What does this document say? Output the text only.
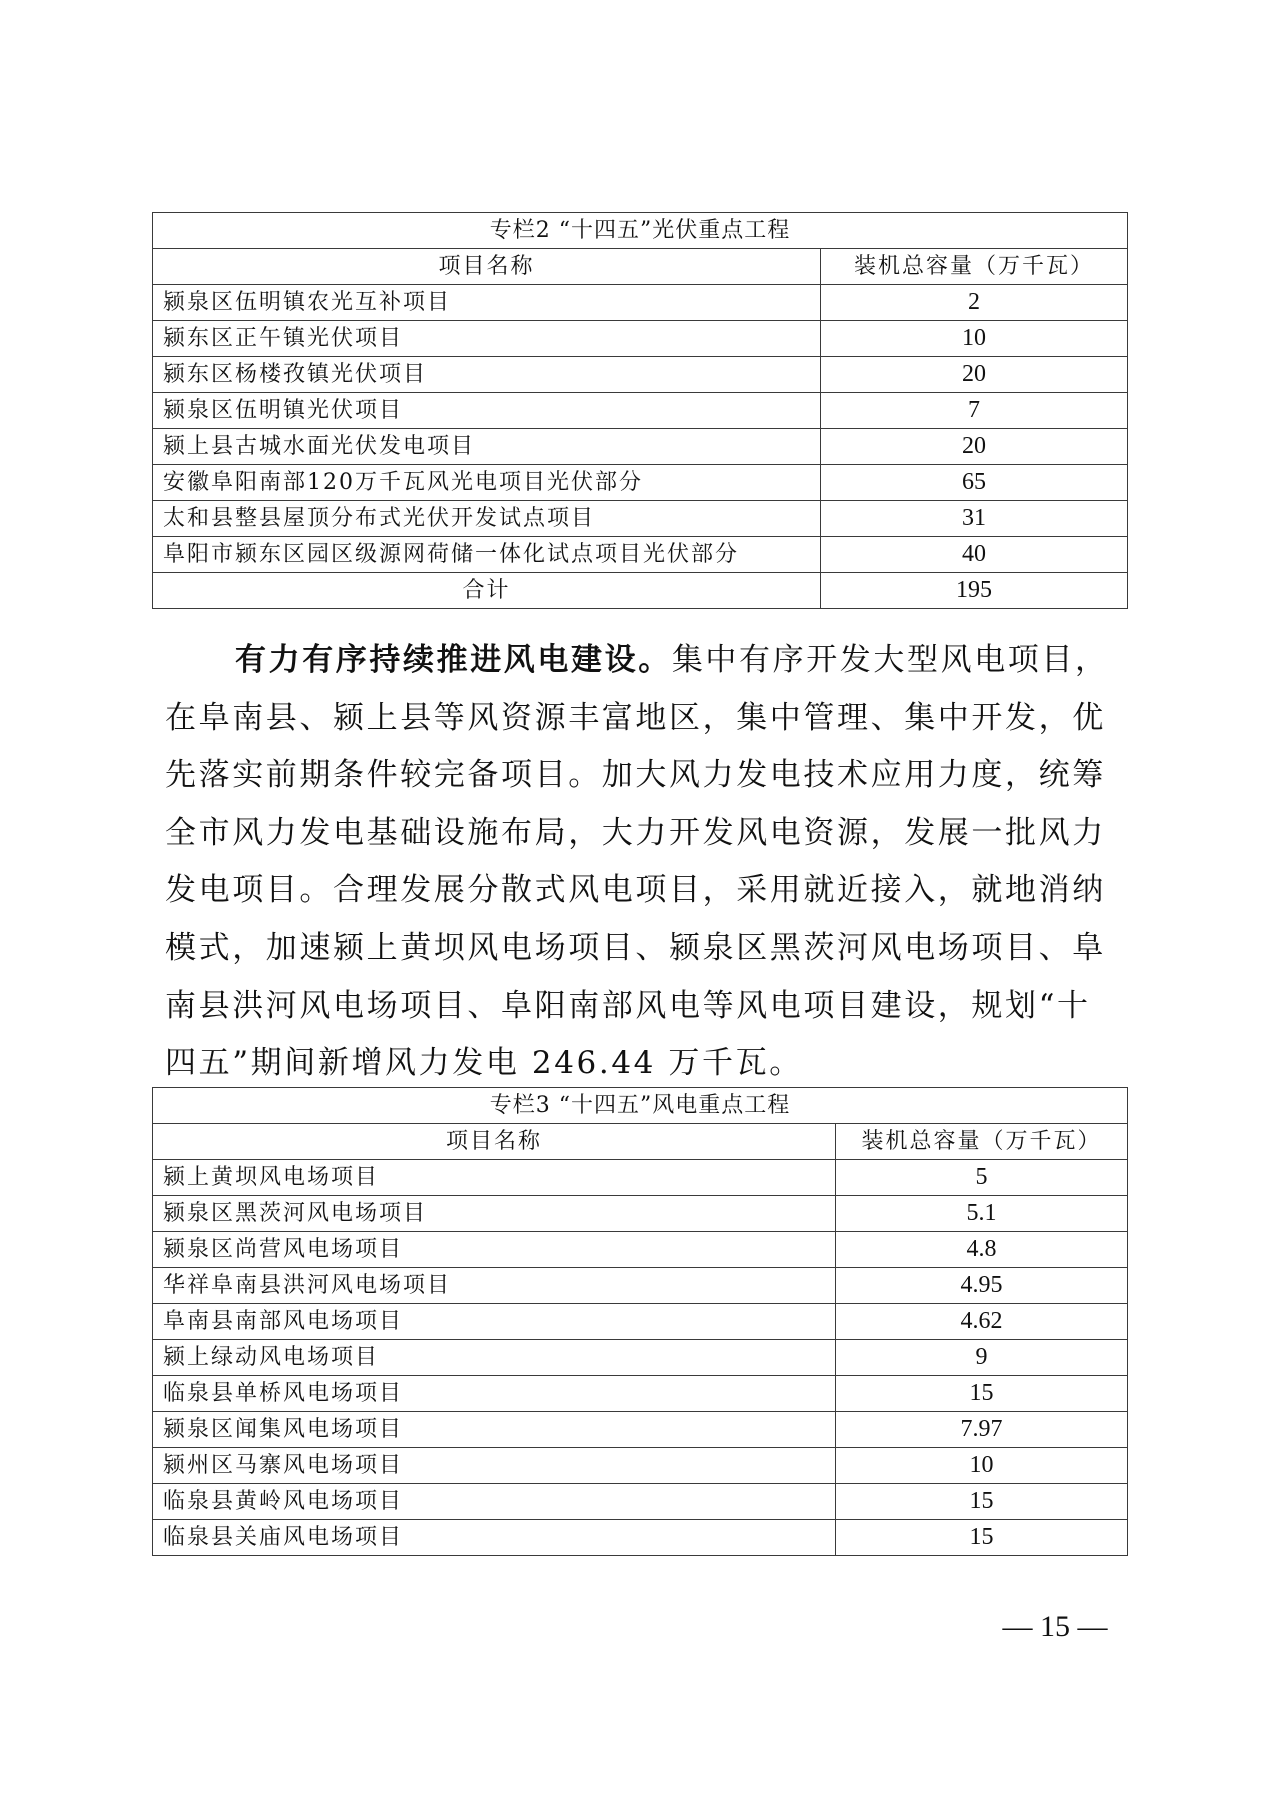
专栏2 “十四五”光伏重点工程	
项目名称	装机总容量（万千瓦）
颍泉区伍明镇农光互补项目	2
颍东区正午镇光伏项目	10
颍东区杨楼孜镇光伏项目	20
颍泉区伍明镇光伏项目	7
颍上县古城水面光伏发电项目	20
安徽阜阳南部120万千瓦风光电项目光伏部分	65
太和县整县屋顶分布式光伏开发试点项目	31
阜阳市颍东区园区级源网荷储一体化试点项目光伏部分	40
合计	195
有力有序持续推进风电建设。集中有序开发大型风电项目，
在阜南县、颍上县等风资源丰富地区，集中管理、集中开发，优
先落实前期条件较完备项目。加大风力发电技术应用力度，统筹
全市风力发电基础设施布局，大力开发风电资源，发展一批风力
发电项目。合理发展分散式风电项目，采用就近接入，就地消纳
模式，加速颍上黄坝风电场项目、颍泉区黑茨河风电场项目、阜
南县洪河风电场项目、阜阳南部风电等风电项目建设，规划“十
四五”期间新增风力发电 246.44 万千瓦。
专栏3 “十四五”风电重点工程	
项目名称	装机总容量（万千瓦）
颍上黄坝风电场项目	5
颍泉区黑茨河风电场项目	5.1
颍泉区尚营风电场项目	4.8
华祥阜南县洪河风电场项目	4.95
阜南县南部风电场项目	4.62
颍上绿动风电场项目	9
临泉县单桥风电场项目	15
颍泉区闻集风电场项目	7.97
颍州区马寨风电场项目	10
临泉县黄岭风电场项目	15
临泉县关庙风电场项目	15
— 15 —
